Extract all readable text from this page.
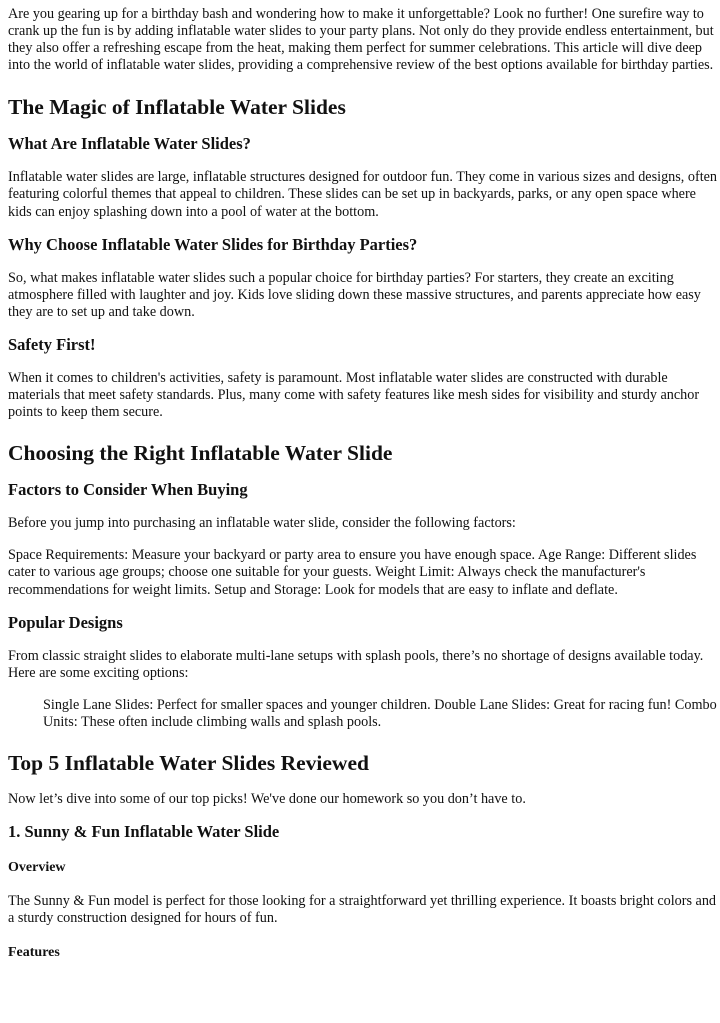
Are you gearing up for a birthday bash and wondering how to make it unforgettable? Look no further! One surefire way to crank up the fun is by adding inflatable water slides to your party plans. Not only do they provide endless entertainment, but they also offer a refreshing escape from the heat, making them perfect for summer celebrations. This article will dive deep into the world of inflatable water slides, providing a comprehensive review of the best options available for birthday parties.

The Magic of Inflatable Water Slides
What Are Inflatable Water Slides?

Inflatable water slides are large, inflatable structures designed for outdoor fun. They come in various sizes and designs, often featuring colorful themes that appeal to children. These slides can be set up in backyards, parks, or any open space where kids can enjoy splashing down into a pool of water at the bottom.

Why Choose Inflatable Water Slides for Birthday Parties?

So, what makes inflatable water slides such a popular choice for birthday parties? For starters, they create an exciting atmosphere filled with laughter and joy. Kids love sliding down these massive structures, and parents appreciate how easy they are to set up and take down.

Safety First!

When it comes to children's activities, safety is paramount. Most inflatable water slides are constructed with durable materials that meet safety standards. Plus, many come with safety features like mesh sides for visibility and sturdy anchor points to keep them secure.

Choosing the Right Inflatable Water Slide
Factors to Consider When Buying

Before you jump into purchasing an inflatable water slide, consider the following factors:

Space Requirements: Measure your backyard or party area to ensure you have enough space. Age Range: Different slides cater to various age groups; choose one suitable for your guests. Weight Limit: Always check the manufacturer's recommendations for weight limits. Setup and Storage: Look for models that are easy to inflate and deflate.

Popular Designs

From classic straight slides to elaborate multi-lane setups with splash pools, there’s no shortage of designs available today. Here are some exciting options:

Single Lane Slides: Perfect for smaller spaces and younger children. Double Lane Slides: Great for racing fun! Combo Units: These often include climbing walls and splash pools.

Top 5 Inflatable Water Slides Reviewed

Now let’s dive into some of our top picks! We've done our homework so you don’t have to.

1. Sunny & Fun Inflatable Water Slide
Overview

The Sunny & Fun model is perfect for those looking for a straightforward yet thrilling experience. It boasts bright colors and a sturdy construction designed for hours of fun.

Features
